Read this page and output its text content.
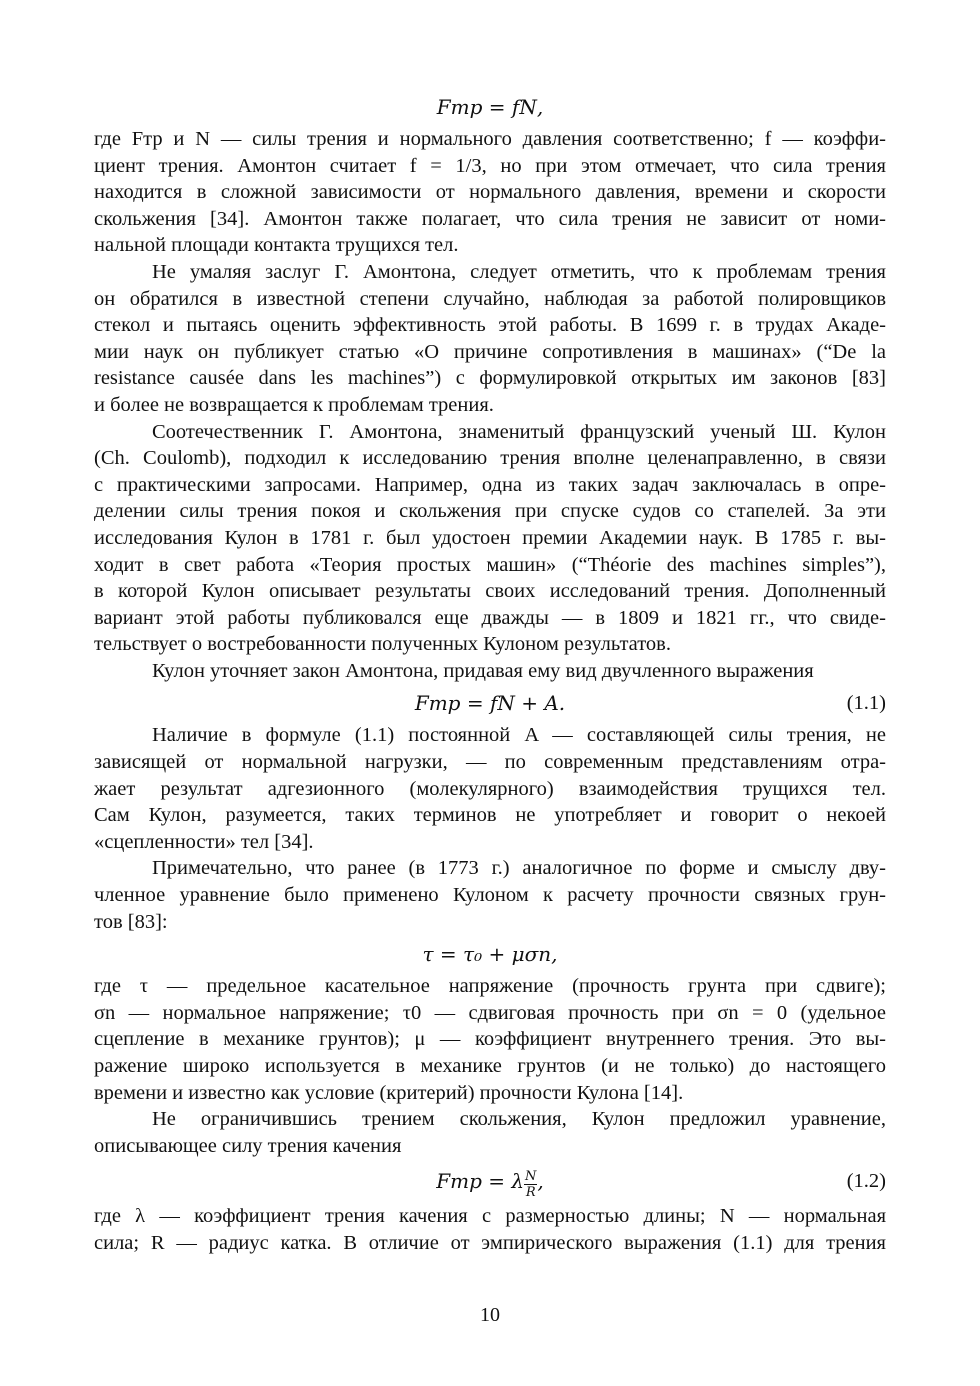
𝐹тр = 𝑓𝑁,
где Fтр и N — силы трения и нормального давления соответственно; f — коэффи-
циент трения. Амонтон считает f = 1/3, но при этом отмечает, что сила трения
находится в сложной зависимости от нормального давления, времени и скорости
скольжения [34]. Амонтон также полагает, что сила трения не зависит от номи-
нальной площади контакта трущихся тел.
Не умаляя заслуг Г. Амонтона, следует отметить, что к проблемам трения
он обратился в известной степени случайно, наблюдая за работой полировщиков
стекол и пытаясь оценить эффективность этой работы. В 1699 г. в трудах Акаде-
мии наук он публикует статью «О причине сопротивления в машинах» (“De la
resistance causée dans les machines”) с формулировкой открытых им законов [83]
и более не возвращается к проблемам трения.
Соотечественник Г. Амонтона, знаменитый французский ученый Ш. Кулон
(Ch. Coulomb), подходил к исследованию трения вполне целенаправленно, в связи
с практическими запросами. Например, одна из таких задач заключалась в опре-
делении силы трения покоя и скольжения при спуске судов со стапелей. За эти
исследования Кулон в 1781 г. был удостоен премии Академии наук. В 1785 г. вы-
ходит в свет работа «Теория простых машин» (“Théorie des machines simples”),
в которой Кулон описывает результаты своих исследований трения. Дополненный
вариант этой работы публиковался еще дважды — в 1809 и 1821 гг., что свиде-
тельствует о востребованности полученных Кулоном результатов.
Кулон уточняет закон Амонтона, придавая ему вид двучленного выражения
𝐹тр = 𝑓𝑁 + 𝐴.	(1.1)
Наличие в формуле (1.1) постоянной A — составляющей силы трения, не
зависящей от нормальной нагрузки, — по современным представлениям отра-
жает результат адгезионного (молекулярного) взаимодействия трущихся тел.
Сам Кулон, разумеется, таких терминов не употребляет и говорит о некоей
«сцепленности» тел [34].
Примечательно, что ранее (в 1773 г.) аналогичное по форме и смыслу дву-
членное уравнение было применено Кулоном к расчету прочности связных грун-
тов [83]:
τ = τ₀ + μσ𝑛,
где τ — предельное касательное напряжение (прочность грунта при сдвиге);
σn — нормальное напряжение; τ0 — сдвиговая прочность при σn = 0 (удельное
сцепление в механике грунтов); μ — коэффициент внутреннего трения. Это вы-
ражение широко используется в механике грунтов (и не только) до настоящего
времени и известно как условие (критерий) прочности Кулона [14].
Не ограничившись трением скольжения, Кулон предложил уравнение,
описывающее силу трения качения
𝐹тр = λ $\frac{\text{𝑁}}{\text{𝑅}}$ ,	(1.2)
где λ — коэффициент трения качения с размерностью длины; N — нормальная
сила; R — радиус катка. В отличие от эмпирического выражения (1.1) для трения
10
